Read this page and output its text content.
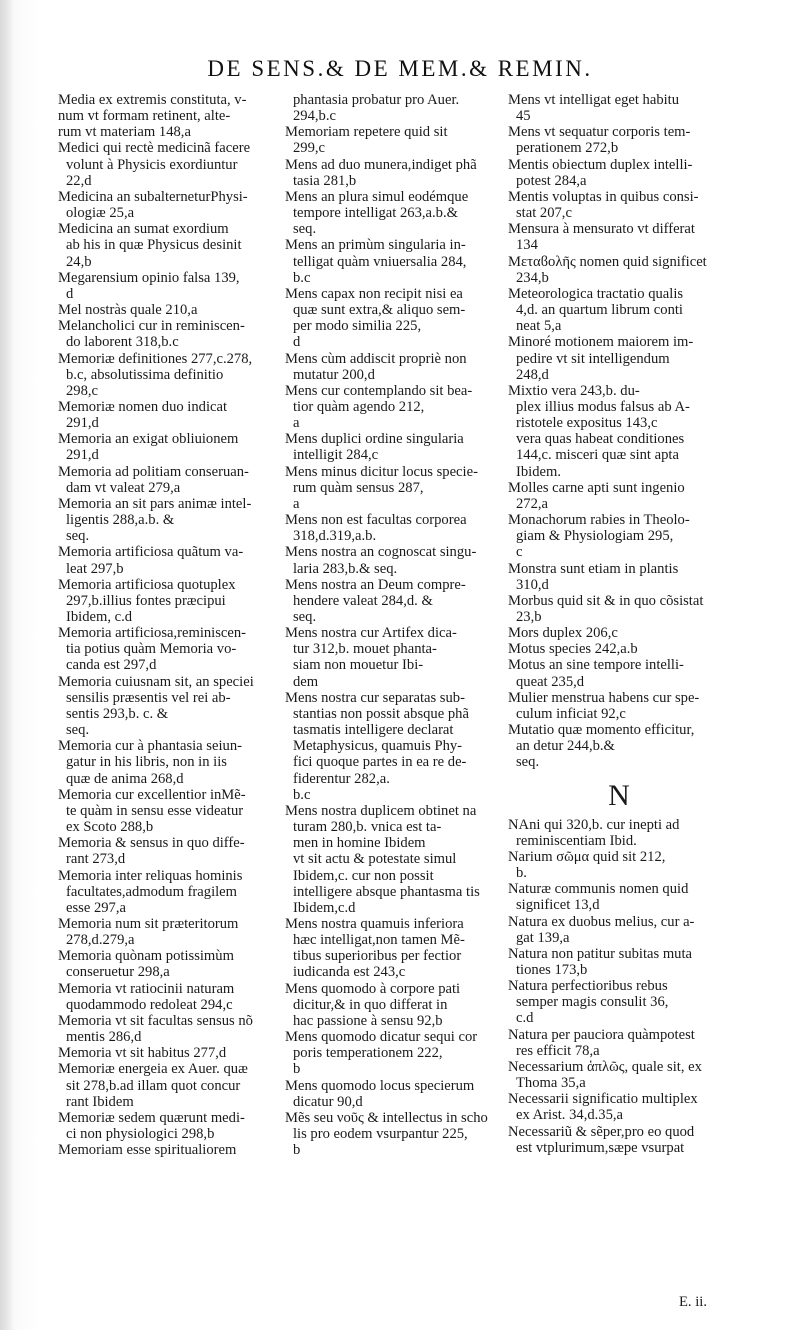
DE SENS.& DE MEM.& REMIN.
Media ex extremis constituta, v-
num vt formam retinent, alte-
rum vt materiam 148,a
Medici qui rectè medicinã facere
volunt à Physicis exordiuntur
22,d
Medicina an subalterneturPhysi-
ologiæ 25,a
Medicina an sumat exordium
ab his in quæ Physicus desinit
24,b
Megarensium opinio falsa 139,
d
Mel nostràs quale 210,a
Melancholici cur in reminiscen-
do laborent 318,b.c
Memoriæ definitiones 277,c.278,
b.c, absolutissima definitio
298,c
Memoriæ nomen duo indicat
291,d
Memoria an exigat obliuionem
291,d
Memoria ad politiam conseruan-
dam vt valeat 279,a
Memoria an sit pars animæ intel-
ligentis 288,a.b. &
seq.
Memoria artificiosa quãtum va-
leat 297,b
Memoria artificiosa quotuplex
297,b.illius fontes præcipui
Ibidem, c.d
Memoria artificiosa,reminiscen-
tia potius quàm Memoria vo-
canda est 297,d
Memoria cuiusnam sit, an speciei
sensilis præsentis vel rei ab-
sentis 293,b. c. &
seq.
Memoria cur à phantasia seiun-
gatur in his libris, non in iis
quæ de anima 268,d
Memoria cur excellentior inMẽ-
te quàm in sensu esse videatur
ex Scoto 288,b
Memoria & sensus in quo diffe-
rant 273,d
Memoria inter reliquas hominis
facultates,admodum fragilem
esse 297,a
Memoria num sit præteritorum
278,d.279,a
Memoria quònam potissimùm
conseruetur 298,a
Memoria vt ratiocinii naturam
quodammodo redoleat 294,c
Memoria vt sit facultas sensus nõ
mentis 286,d
Memoria vt sit habitus 277,d
Memoriæ energeia ex Auer. quæ
sit 278,b.ad illam quot concur
rant Ibidem
Memoriæ sedem quærunt medi-
ci non physiologici 298,b
Memoriam esse spiritualiorem
phantasia probatur pro Auer.
294,b.c
Memoriam repetere quid sit
299,c
Mens ad duo munera,indiget phã
tasia 281,b
Mens an plura simul eodémque
tempore intelligat 263,a.b.&
seq.
Mens an primùm singularia in-
telligat quàm vniuersalia 284,
b.c
Mens capax non recipit nisi ea
quæ sunt extra,& aliquo sem-
per modo similia 225,
d
Mens cùm addiscit propriè non
mutatur 200,d
Mens cur contemplando sit bea-
tior quàm agendo 212,
a
Mens duplici ordine singularia
intelligit 284,c
Mens minus dicitur locus specie-
rum quàm sensus 287,
a
Mens non est facultas corporea
318,d.319,a.b.
Mens nostra an cognoscat singu-
laria 283,b.& seq.
Mens nostra an Deum compre-
hendere valeat 284,d. &
seq.
Mens nostra cur Artifex dica-
tur 312,b. mouet phanta-
siam non mouetur Ibi-
dem
Mens nostra cur separatas sub-
stantias non possit absque phã
tasmatis intelligere declarat
Metaphysicus, quamuis Phy-
fici quoque partes in ea re de-
fiderentur 282,a.
b.c
Mens nostra duplicem obtinet na
turam 280,b. vnica est ta-
men in homine Ibidem
vt sit actu & potestate simul
Ibidem,c. cur non possit
intelligere absque phantasma tis
Ibidem,c.d
Mens nostra quamuis inferiora
hæc intelligat,non tamen Mẽ-
tibus superioribus per fectior
iudicanda est 243,c
Mens quomodo à corpore pati
dicitur,& in quo differat in
hac passione à sensu 92,b
Mens quomodo dicatur sequi cor
poris temperationem 222,
b
Mens quomodo locus specierum
dicatur 90,d
Mẽs seu νοῦς & intellectus in scho
lis pro eodem vsurpantur 225,
b
Mens vt intelligat eget habitu
45
Mens vt sequatur corporis tem-
perationem 272,b
Mentis obiectum duplex intelli-
potest 284,a
Mentis voluptas in quibus consi-
stat 207,c
Mensura à mensurato vt differat
134
Μεταϐολῆς nomen quid significet
234,b
Meteorologica tractatio qualis
4,d. an quartum librum conti
neat 5,a
Minoré motionem maiorem im-
pedire vt sit intelligendum
248,d
Mixtio vera 243,b. du-
plex illius modus falsus ab A-
ristotele expositus 143,c
vera quas habeat conditiones
144,c. misceri quæ sint apta
Ibidem.
Molles carne apti sunt ingenio
272,a
Monachorum rabies in Theolo-
giam & Physiologiam 295,
c
Monstra sunt etiam in plantis
310,d
Morbus quid sit & in quo cõsistat
23,b
Mors duplex 206,c
Motus species 242,a.b
Motus an sine tempore intelli-
queat 235,d
Mulier menstrua habens cur spe-
culum inficiat 92,c
Mutatio quæ momento efficitur,
an detur 244,b.&
seq.
N
NAni qui 320,b. cur inepti ad
reminiscentiam Ibid.
Narium σῶμα quid sit 212,
b.
Naturæ communis nomen quid
significet 13,d
Natura ex duobus melius, cur a-
gat 139,a
Natura non patitur subitas muta
tiones 173,b
Natura perfectioribus rebus
semper magis consulit 36,
c.d
Natura per pauciora quàmpotest
res efficit 78,a
Necessarium ἁπλῶς, quale sit, ex
Thoma 35,a
Necessarii significatio multiplex
ex Arist. 34,d.35,a
Necessariũ & sẽper,pro eo quod
est vtplurimum,sæpe vsurpat
E. ii.
